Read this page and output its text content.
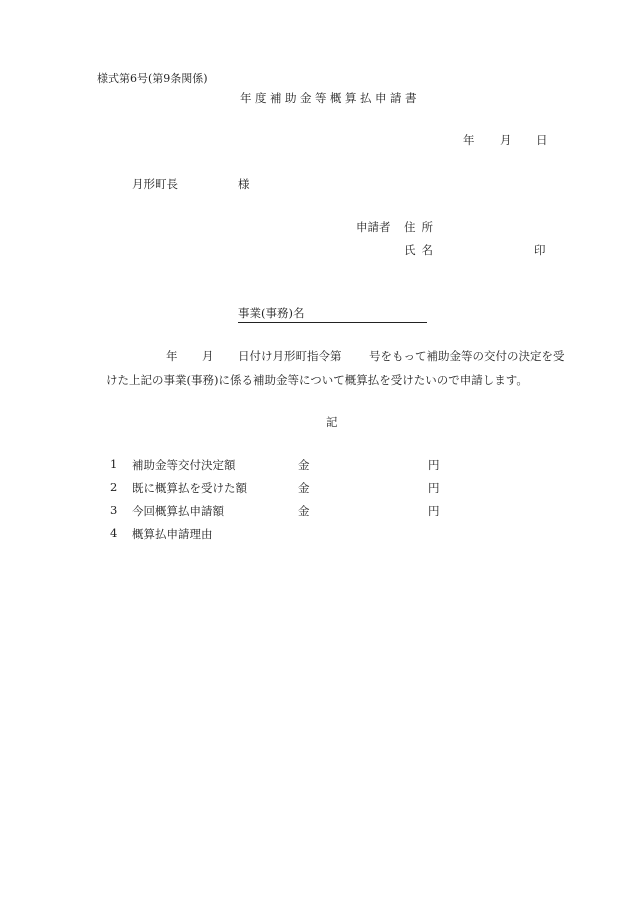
様式第6号(第9条関係)
年度補助金等概算払申請書
年 月 日
月形町長	様
申請者 住所
氏名	印
事業(事務)名
年 月 日付け月形町指令第 号をもって補助金等の交付の決定を受
けた上記の事業(事務)に係る補助金等について概算払を受けたいので申請します。
記
1 補助金等交付決定額	金	円
2 既に概算払を受けた額	金	円
3 今回概算払申請額	金	円
4 概算払申請理由
